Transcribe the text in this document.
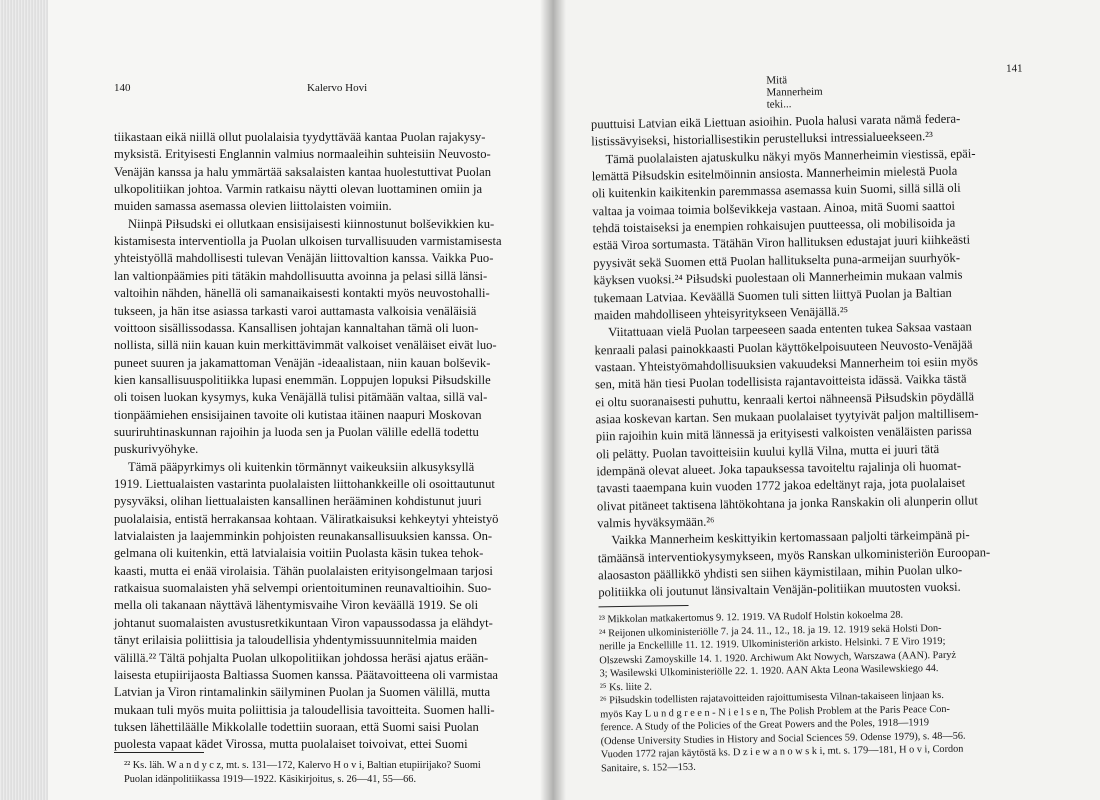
140	Kalervo Hovi
tiikastaan eikä niillä ollut puolalaisia tyydyttävää kantaa Puolan rajakysy-
myksistä. Erityisesti Englannin valmius normaaleihin suhteisiin Neuvosto-
Venäjän kanssa ja halu ymmärtää saksalaisten kantaa huolestuttivat Puolan
ulkopolitiikan johtoa. Varmin ratkaisu näytti olevan luottaminen omiin ja
muiden samassa asemassa olevien liittolaisten voimiin.
Niinpä Piłsudski ei ollutkaan ensisijaisesti kiinnostunut bolševikkien ku-
kistamisesta interventiolla ja Puolan ulkoisen turvallisuuden varmistamisesta
yhteistyöllä mahdollisesti tulevan Venäjän liittovaltion kanssa. Vaikka Puo-
lan valtionpäämies piti tätäkin mahdollisuutta avoinna ja pelasi sillä länsi-
valtoihin nähden, hänellä oli samanaikaisesti kontakti myös neuvostohalli-
tukseen, ja hän itse asiassa tarkasti varoi auttamasta valkoisia venäläisiä
voittoon sisällissodassa. Kansallisen johtajan kannaltahan tämä oli luon-
nollista, sillä niin kauan kuin merkittävimmät valkoiset venäläiset eivät luo-
puneet suuren ja jakamattoman Venäjän -ideaalistaan, niin kauan bolševik-
kien kansallisuuspolitiikka lupasi enemmän. Loppujen lopuksi Piłsudskille
oli toisen luokan kysymys, kuka Venäjällä tulisi pitämään valtaa, sillä val-
tionpäämiehen ensisijainen tavoite oli kutistaa itäinen naapuri Moskovan
suuriruhtinaskunnan rajoihin ja luoda sen ja Puolan välille edellä todettu
puskurivyöhyke.
Tämä pääpyrkimys oli kuitenkin törmännyt vaikeuksiin alkusyksyllä
1919. Liettualaisten vastarinta puolalaisten liittohankkeille oli osoittautunut
pysyväksi, olihan liettualaisten kansallinen herääminen kohdistunut juuri
puolalaisia, entistä herrakansaa kohtaan. Väliratkaisuksi kehkeytyi yhteistyö
latvialaisten ja laajemminkin pohjoisten reunakansallisuuksien kanssa. On-
gelmana oli kuitenkin, että latvialaisia voitiin Puolasta käsin tukea tehok-
kaasti, mutta ei enää virolaisia. Tähän puolalaisten erityisongelmaan tarjosi
ratkaisua suomalaisten yhä selvempi orientoituminen reunavaltioihin. Suo-
mella oli takanaan näyttävä lähentymisvaihe Viron keväällä 1919. Se oli
johtanut suomalaisten avustusretkikuntaan Viron vapaussodassa ja elähdyt-
tänyt erilaisia poliittisia ja taloudellisia yhdentymissuunnitelmia maiden
välillä.²² Tältä pohjalta Puolan ulkopolitiikan johdossa heräsi ajatus erään-
laisesta etupiirijaosta Baltiassa Suomen kanssa. Päätavoitteena oli varmistaa
Latvian ja Viron rintamalinkin säilyminen Puolan ja Suomen välillä, mutta
mukaan tuli myös muita poliittisia ja taloudellisia tavoitteita. Suomen halli-
tuksen lähettiläälle Mikkolalle todettiin suoraan, että Suomi saisi Puolan
puolesta vapaat kädet Virossa, mutta puolalaiset toivoivat, ettei Suomi
²² Ks. läh. W a n d y c z, mt. s. 131—172, Kalervo H o v i, Baltian etupiirijako? Suomi
Puolan idänpolitiikassa 1919—1922. Käsikirjoitus, s. 26—41, 55—66.
Mitä Mannerheim teki...
141
puuttuisi Latvian eikä Liettuan asioihin. Puola halusi varata nämä federa-
listissävyiseksi, historiallisestikin perustelluksi intressialueekseen.²³
Tämä puolalaisten ajatuskulku näkyi myös Mannerheimin viestissä, epäi-
lemättä Piłsudskin esitelmöinnin ansiosta. Mannerheimin mielestä Puola
oli kuitenkin kaikitenkin paremmassa asemassa kuin Suomi, sillä sillä oli
valtaa ja voimaa toimia bolševikkeja vastaan. Ainoa, mitä Suomi saattoi
tehdä toistaiseksi ja enempien rohkaisujen puutteessa, oli mobilisoida ja
estää Viroa sortumasta. Tätähän Viron hallituksen edustajat juuri kiihkeästi
pyysivät sekä Suomen että Puolan hallitukselta puna-armeijan suurhyök-
käyksen vuoksi.²⁴ Piłsudski puolestaan oli Mannerheimin mukaan valmis
tukemaan Latviaa. Keväällä Suomen tuli sitten liittyä Puolan ja Baltian
maiden mahdolliseen yhteisyritykseen Venäjällä.²⁵
Viitattuaan vielä Puolan tarpeeseen saada ententen tukea Saksaa vastaan
kenraali palasi painokkaasti Puolan käyttökelpoisuuteen Neuvosto-Venäjää
vastaan. Yhteistyömahdollisuuksien vakuudeksi Mannerheim toi esiin myös
sen, mitä hän tiesi Puolan todellisista rajantavoitteista idässä. Vaikka tästä
ei oltu suoranaisesti puhuttu, kenraali kertoi nähneensä Piłsudskin pöydällä
asiaa koskevan kartan. Sen mukaan puolalaiset tyytyivät paljon maltillisem-
piin rajoihin kuin mitä lännessä ja erityisesti valkoisten venäläisten parissa
oli pelätty. Puolan tavoitteisiin kuului kyllä Vilna, mutta ei juuri tätä
idempänä olevat alueet. Joka tapauksessa tavoiteltu rajalinja oli huomat-
tavasti taaempana kuin vuoden 1772 jakoa edeltänyt raja, jota puolalaiset
olivat pitäneet taktisena lähtökohtana ja jonka Ranskakin oli alunperin ollut
valmis hyväksymään.²⁶
Vaikka Mannerheim keskittyikin kertomassaan paljolti tärkeimpänä pi-
tämäänsä interventiokysymykseen, myös Ranskan ulkoministeriön Euroopan-
alaosaston päällikkö yhdisti sen siihen käymistilaan, mihin Puolan ulko-
politiikka oli joutunut länsivaltain Venäjän-politiikan muutosten vuoksi.
²³ Mikkolan matkakertomus 9. 12. 1919. VA Rudolf Holstin kokoelma 28.
²⁴ Reijonen ulkoministeriölle 7. ja 24. 11., 12., 18. ja 19. 12. 1919 sekä Holsti Don-
nerille ja Enckellille 11. 12. 1919. Ulkoministeriön arkisto. Helsinki. 7 E Viro 1919;
Olszewski Zamoyskille 14. 1. 1920. Archiwum Akt Nowych, Warszawa (AAN). Paryż
3; Wasilewski Ulkoministeriölle 22. 1. 1920. AAN Akta Leona Wasilewskiego 44.
²⁵ Ks. liite 2.
²⁶ Piłsudskin todellisten rajatavoitteiden rajoittumisesta Vilnan-takaiseen linjaan ks.
myös Kay L u n d g r e e n - N i e l s e n, The Polish Problem at the Paris Peace Con-
ference. A Study of the Policies of the Great Powers and the Poles, 1918—1919
(Odense University Studies in History and Social Sciences 59. Odense 1979), s. 48—56.
Vuoden 1772 rajan käytöstä ks. D z i e w a n o w s k i, mt. s. 179—181, H o v i, Cordon
Sanitaire, s. 152—153.
